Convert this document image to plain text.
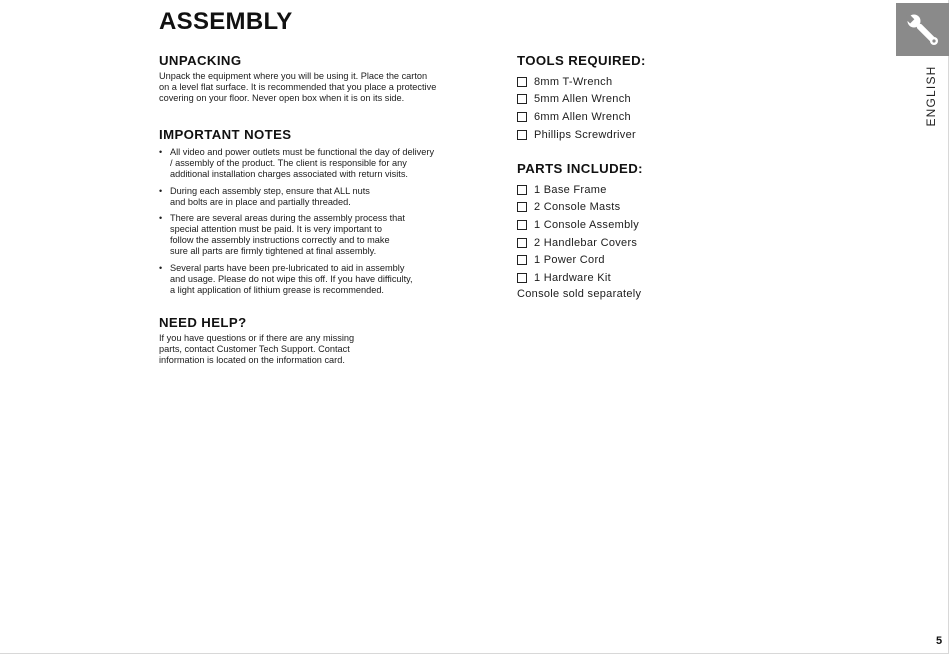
ASSEMBLY
UNPACKING

Unpack the equipment where you will be using it. Place the carton
on a level flat surface. It is recommended that you place a protective
covering on your floor. Never open box when it is on its side.

IMPORTANT NOTES
• All video and power outlets must be functional the day of delivery
/ assembly of the product. The client is responsible for any
additional installation charges associated with return visits.
• During each assembly step, ensure that ALL nuts
and bolts are in place and partially threaded.
• There are several areas during the assembly process that
special attention must be paid. It is very important to
follow the assembly instructions correctly and to make
sure all parts are firmly tightened at final assembly.
• Several parts have been pre-lubricated to aid in assembly
and usage. Please do not wipe this off. If you have difficulty,
a light application of lithium grease is recommended.
NEED HELP?

If you have questions or if there are any missing
parts, contact Customer Tech Support. Contact
information is located on the information card.

TOOLS REQUIRED:
8mm T-Wrench
5mm Allen Wrench
6mm Allen Wrench
Phillips Screwdriver
PARTS INCLUDED:
1 Base Frame
2 Console Masts
1 Console Assembly
2 Handlebar Covers
1 Power Cord
1 Hardware Kit
Console sold separately
ENGLISH
5
